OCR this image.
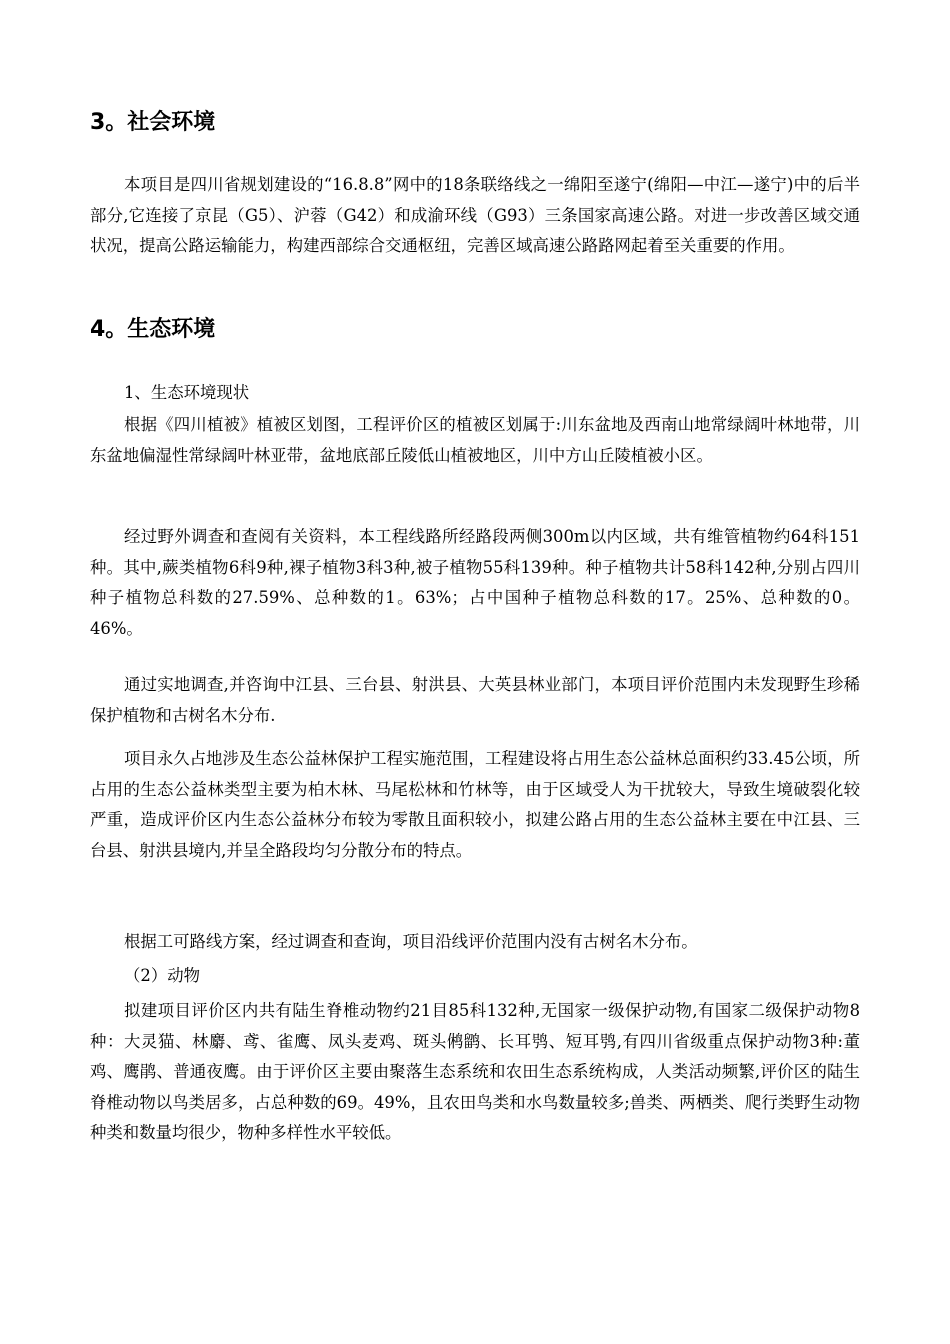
3。社会环境
本项目是四川省规划建设的“16.8.8”网中的18条联络线之一绵阳至遂宁(绵阳—中江—遂宁)中的后半部分,它连接了京昆（G5）、沪蓉（G42）和成渝环线（G93）三条国家高速公路。对进一步改善区域交通状况，提高公路运输能力，构建西部综合交通枢纽，完善区域高速公路路网起着至关重要的作用。
4。生态环境
1、生态环境现状
根据《四川植被》植被区划图，工程评价区的植被区划属于:川东盆地及西南山地常绿阔叶林地带，川东盆地偏湿性常绿阔叶林亚带，盆地底部丘陵低山植被地区，川中方山丘陵植被小区。
经过野外调查和查阅有关资料，本工程线路所经路段两侧300m以内区域，共有维管植物约64科151种。其中,蕨类植物6科9种,裸子植物3科3种,被子植物55科139种。种子植物共计58科142种,分别占四川种子植物总科数的27.59%、总种数的1。63%；占中国种子植物总科数的17。25%、总种数的0。46%。
通过实地调查,并咨询中江县、三台县、射洪县、大英县林业部门，本项目评价范围内未发现野生珍稀保护植物和古树名木分布.
项目永久占地涉及生态公益林保护工程实施范围，工程建设将占用生态公益林总面积约33.45公顷，所占用的生态公益林类型主要为柏木林、马尾松林和竹林等，由于区域受人为干扰较大，导致生境破裂化较严重，造成评价区内生态公益林分布较为零散且面积较小，拟建公路占用的生态公益林主要在中江县、三台县、射洪县境内,并呈全路段均匀分散分布的特点。
根据工可路线方案，经过调查和查询，项目沿线评价范围内没有古树名木分布。
（2）动物
拟建项目评价区内共有陆生脊椎动物约21目85科132种,无国家一级保护动物,有国家二级保护动物8种：大灵猫、林麝、鸢、雀鹰、凤头麦鸡、斑头鸺鹠、长耳鸮、短耳鸮,有四川省级重点保护动物3种:董鸡、鹰鹃、普通夜鹰。由于评价区主要由聚落生态系统和农田生态系统构成，人类活动频繁,评价区的陆生脊椎动物以鸟类居多，占总种数的69。49%，且农田鸟类和水鸟数量较多;兽类、两栖类、爬行类野生动物种类和数量均很少，物种多样性水平较低。
